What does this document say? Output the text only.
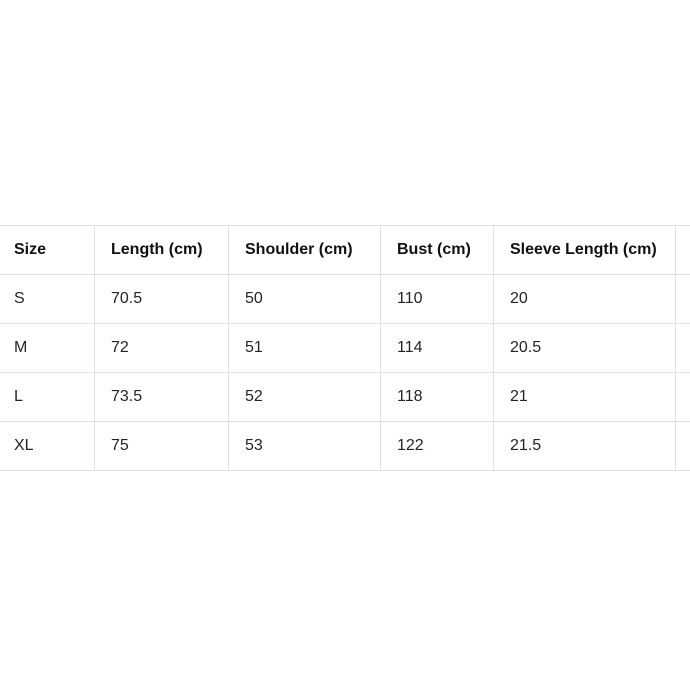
Size	Length (cm)	Shoulder (cm)	Bust (cm)	Sleeve Length (cm)	
S	70.5	50	110	20	
M	72	51	114	20.5	
L	73.5	52	118	21	
XL	75	53	122	21.5	
